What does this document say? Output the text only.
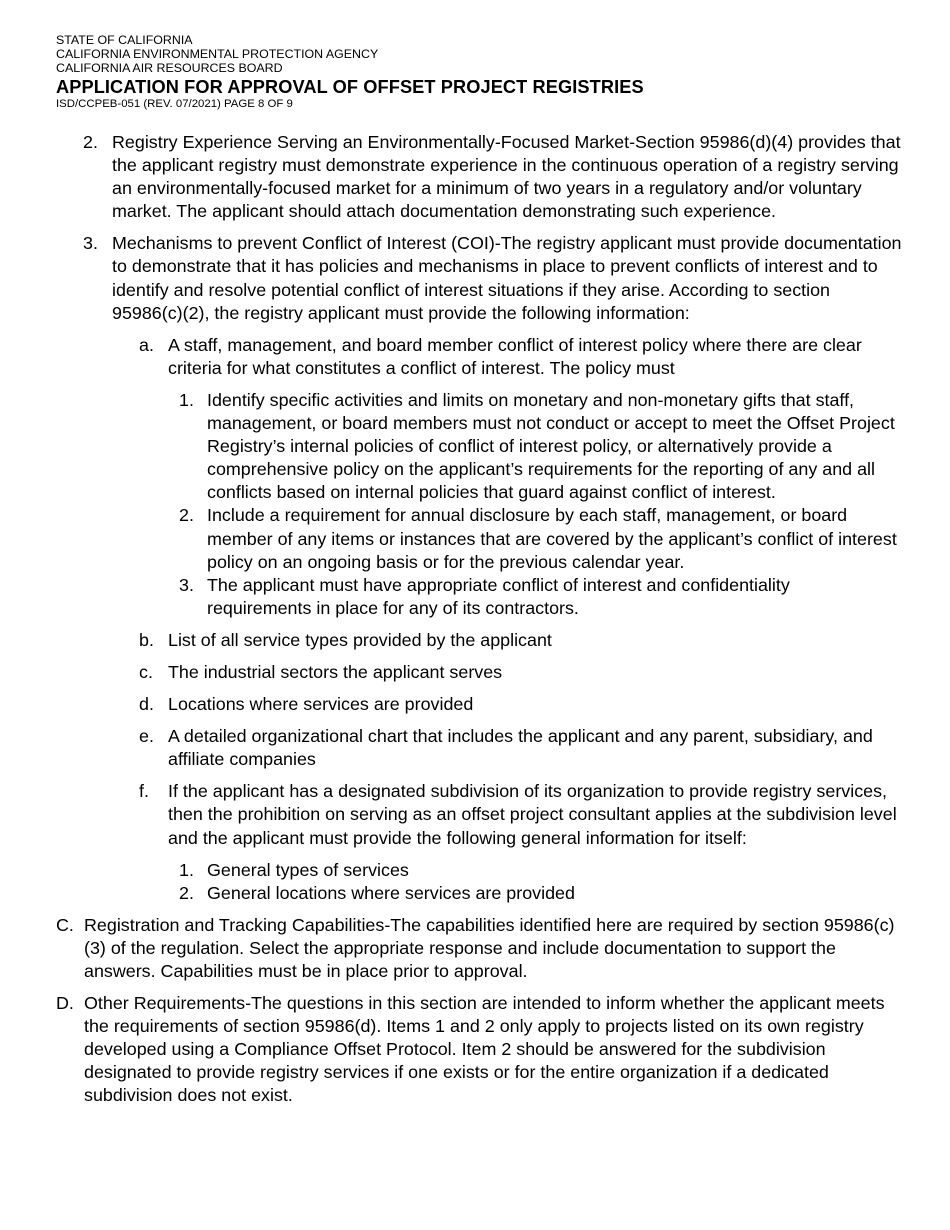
STATE OF CALIFORNIA
CALIFORNIA ENVIRONMENTAL PROTECTION AGENCY
CALIFORNIA AIR RESOURCES BOARD
APPLICATION FOR APPROVAL OF OFFSET PROJECT REGISTRIES
ISD/CCPEB-051 (REV. 07/2021) PAGE 8 OF 9
2. Registry Experience Serving an Environmentally-Focused Market-Section 95986(d)(4) provides that the applicant registry must demonstrate experience in the continuous operation of a registry serving an environmentally-focused market for a minimum of two years in a regulatory and/or voluntary market. The applicant should attach documentation demonstrating such experience.
3. Mechanisms to prevent Conflict of Interest (COI)-The registry applicant must provide documentation to demonstrate that it has policies and mechanisms in place to prevent conflicts of interest and to identify and resolve potential conflict of interest situations if they arise. According to section 95986(c)(2), the registry applicant must provide the following information:
a. A staff, management, and board member conflict of interest policy where there are clear criteria for what constitutes a conflict of interest. The policy must
1. Identify specific activities and limits on monetary and non-monetary gifts that staff, management, or board members must not conduct or accept to meet the Offset Project Registry’s internal policies of conflict of interest policy, or alternatively provide a comprehensive policy on the applicant’s requirements for the reporting of any and all conflicts based on internal policies that guard against conflict of interest.
2. Include a requirement for annual disclosure by each staff, management, or board member of any items or instances that are covered by the applicant’s conflict of interest policy on an ongoing basis or for the previous calendar year.
3. The applicant must have appropriate conflict of interest and confidentiality requirements in place for any of its contractors.
b. List of all service types provided by the applicant
c. The industrial sectors the applicant serves
d. Locations where services are provided
e. A detailed organizational chart that includes the applicant and any parent, subsidiary, and affiliate companies
f. If the applicant has a designated subdivision of its organization to provide registry services, then the prohibition on serving as an offset project consultant applies at the subdivision level and the applicant must provide the following general information for itself:
1. General types of services
2. General locations where services are provided
C. Registration and Tracking Capabilities-The capabilities identified here are required by section 95986(c)(3) of the regulation. Select the appropriate response and include documentation to support the answers. Capabilities must be in place prior to approval.
D. Other Requirements-The questions in this section are intended to inform whether the applicant meets the requirements of section 95986(d). Items 1 and 2 only apply to projects listed on its own registry developed using a Compliance Offset Protocol. Item 2 should be answered for the subdivision designated to provide registry services if one exists or for the entire organization if a dedicated subdivision does not exist.
